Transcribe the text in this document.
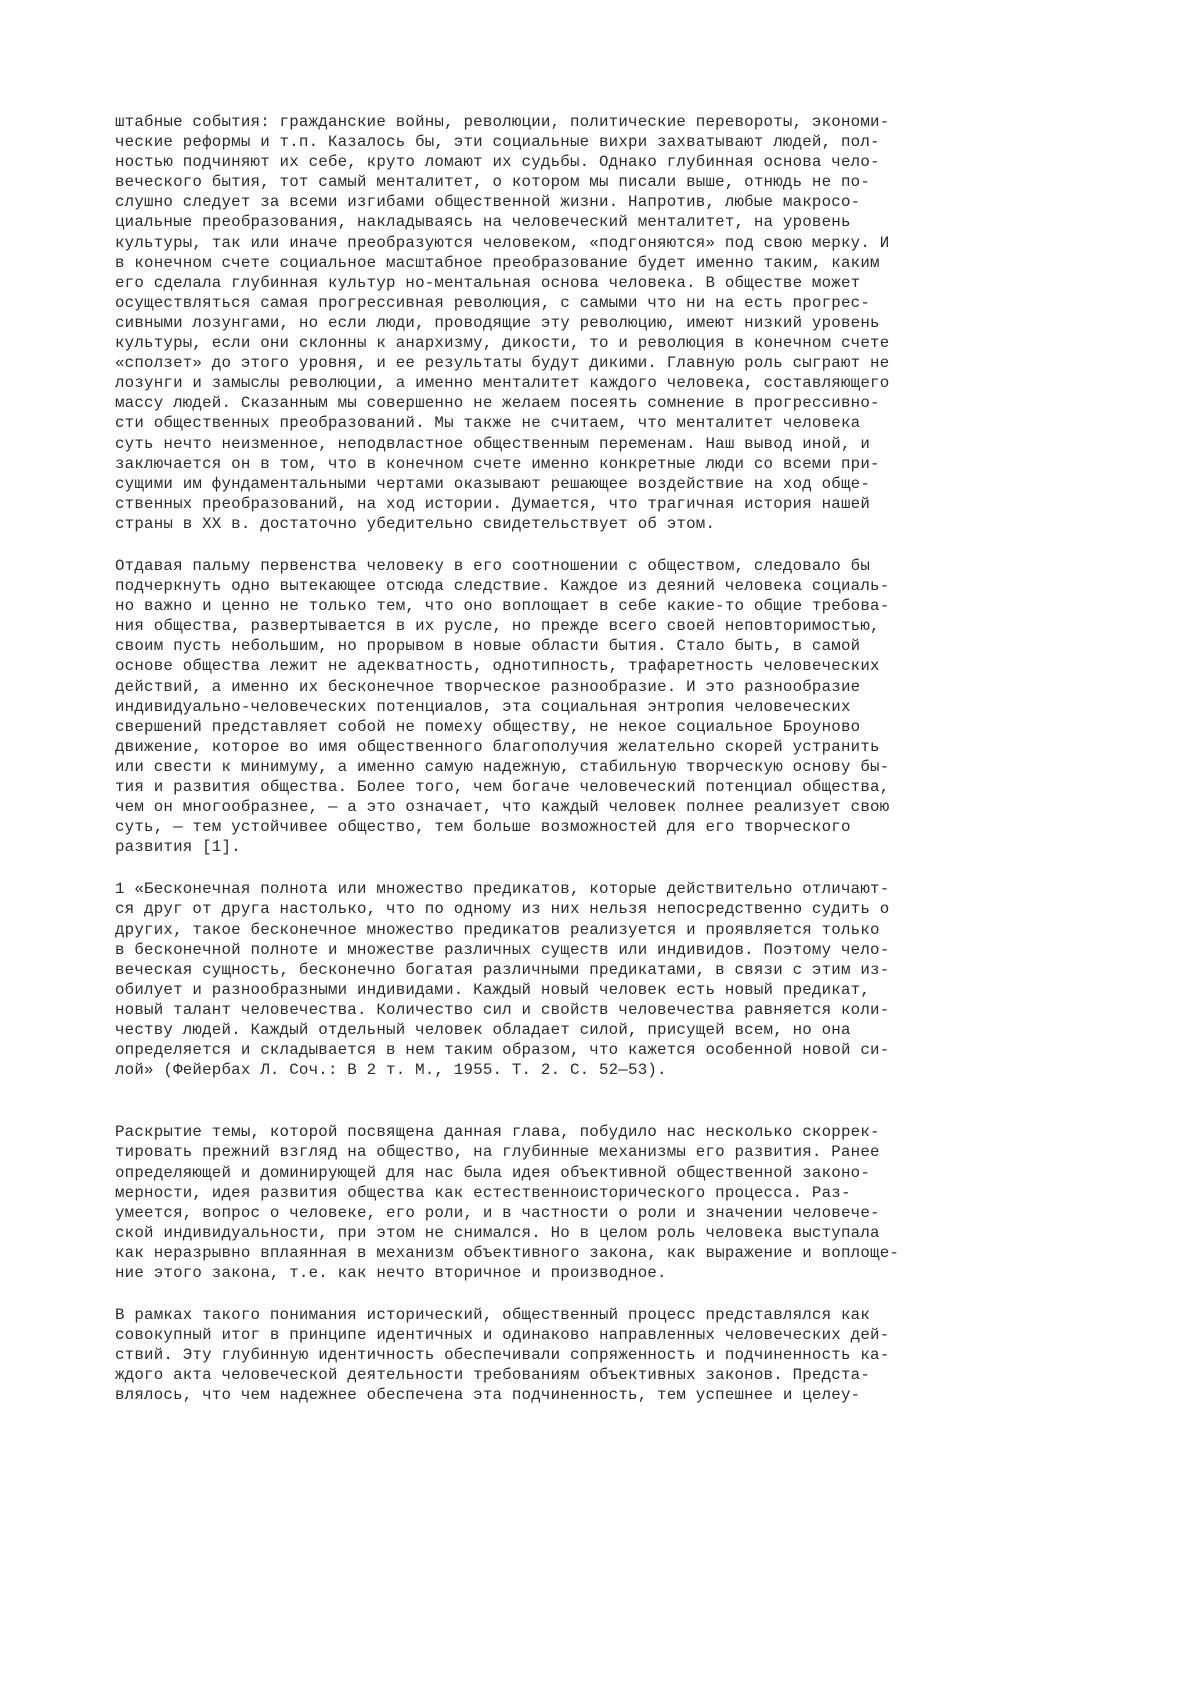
штабные события: гражданские войны, революции, политические перевороты, экономи-
ческие реформы и т.п. Казалось бы, эти социальные вихри захватывают людей, пол-
ностью подчиняют их себе, круто ломают их судьбы. Однако глубинная основа чело-
веческого бытия, тот самый менталитет, о котором мы писали выше, отнюдь не по-
слушно следует за всеми изгибами общественной жизни. Напротив, любые макросо-
циальные преобразования, накладываясь на человеческий менталитет, на уровень
культуры, так или иначе преобразуются человеком, «подгоняются» под свою мерку. И
в конечном счете социальное масштабное преобразование будет именно таким, каким
его сделала глубинная культур но-ментальная основа человека. В обществе может
осуществляться самая прогрессивная революция, с самыми что ни на есть прогрес-
сивными лозунгами, но если люди, проводящие эту революцию, имеют низкий уровень
культуры, если они склонны к анархизму, дикости, то и революция в конечном счете
«сползет» до этого уровня, и ее результаты будут дикими. Главную роль сыграют не
лозунги и замыслы революции, а именно менталитет каждого человека, составляющего
массу людей. Сказанным мы совершенно не желаем посеять сомнение в прогрессивно-
сти общественных преобразований. Мы также не считаем, что менталитет человека
суть нечто неизменное, неподвластное общественным переменам. Наш вывод иной, и
заключается он в том, что в конечном счете именно конкретные люди со всеми при-
сущими им фундаментальными чертами оказывают решающее воздействие на ход обще-
ственных преобразований, на ход истории. Думается, что трагичная история нашей
страны в XX в. достаточно убедительно свидетельствует об этом.
Отдавая пальму первенства человеку в его соотношении с обществом, следовало бы
подчеркнуть одно вытекающее отсюда следствие. Каждое из деяний человека социаль-
но важно и ценно не только тем, что оно воплощает в себе какие-то общие требова-
ния общества, развертывается в их русле, но прежде всего своей неповторимостью,
своим пусть небольшим, но прорывом в новые области бытия. Стало быть, в самой
основе общества лежит не адекватность, однотипность, трафаретность человеческих
действий, а именно их бесконечное творческое разнообразие. И это разнообразие
индивидуально-человеческих потенциалов, эта социальная энтропия человеческих
свершений представляет собой не помеху обществу, не некое социальное Броуново
движение, которое во имя общественного благополучия желательно скорей устранить
или свести к минимуму, а именно самую надежную, стабильную творческую основу бы-
тия и развития общества. Более того, чем богаче человеческий потенциал общества,
чем он многообразнее, — а это означает, что каждый человек полнее реализует свою
суть, — тем устойчивее общество, тем больше возможностей для его творческого
развития [1].
1 «Бесконечная полнота или множество предикатов, которые действительно отличают-
ся друг от друга настолько, что по одному из них нельзя непосредственно судить о
других, такое бесконечное множество предикатов реализуется и проявляется только
в бесконечной полноте и множестве различных существ или индивидов. Поэтому чело-
веческая сущность, бесконечно богатая различными предикатами, в связи с этим из-
обилует и разнообразными индивидами. Каждый новый человек есть новый предикат,
новый талант человечества. Количество сил и свойств человечества равняется коли-
честву людей. Каждый отдельный человек обладает силой, присущей всем, но она
определяется и складывается в нем таким образом, что кажется особенной новой си-
лой» (Фейербах Л. Соч.: В 2 т. М., 1955. Т. 2. С. 52—53).
Раскрытие темы, которой посвящена данная глава, побудило нас несколько скоррек-
тировать прежний взгляд на общество, на глубинные механизмы его развития. Ранее
определяющей и доминирующей для нас была идея объективной общественной законо-
мерности, идея развития общества как естественноисторического процесса. Раз-
умеется, вопрос о человеке, его роли, и в частности о роли и значении человече-
ской индивидуальности, при этом не снимался. Но в целом роль человека выступала
как неразрывно вплаянная в механизм объективного закона, как выражение и воплоще-
ние этого закона, т.е. как нечто вторичное и производное.
В рамках такого понимания исторический, общественный процесс представлялся как
совокупный итог в принципе идентичных и одинаково направленных человеческих дей-
ствий. Эту глубинную идентичность обеспечивали сопряженность и подчиненность ка-
ждого акта человеческой деятельности требованиям объективных законов. Предста-
влялось, что чем надежнее обеспечена эта подчиненность, тем успешнее и целеу-
